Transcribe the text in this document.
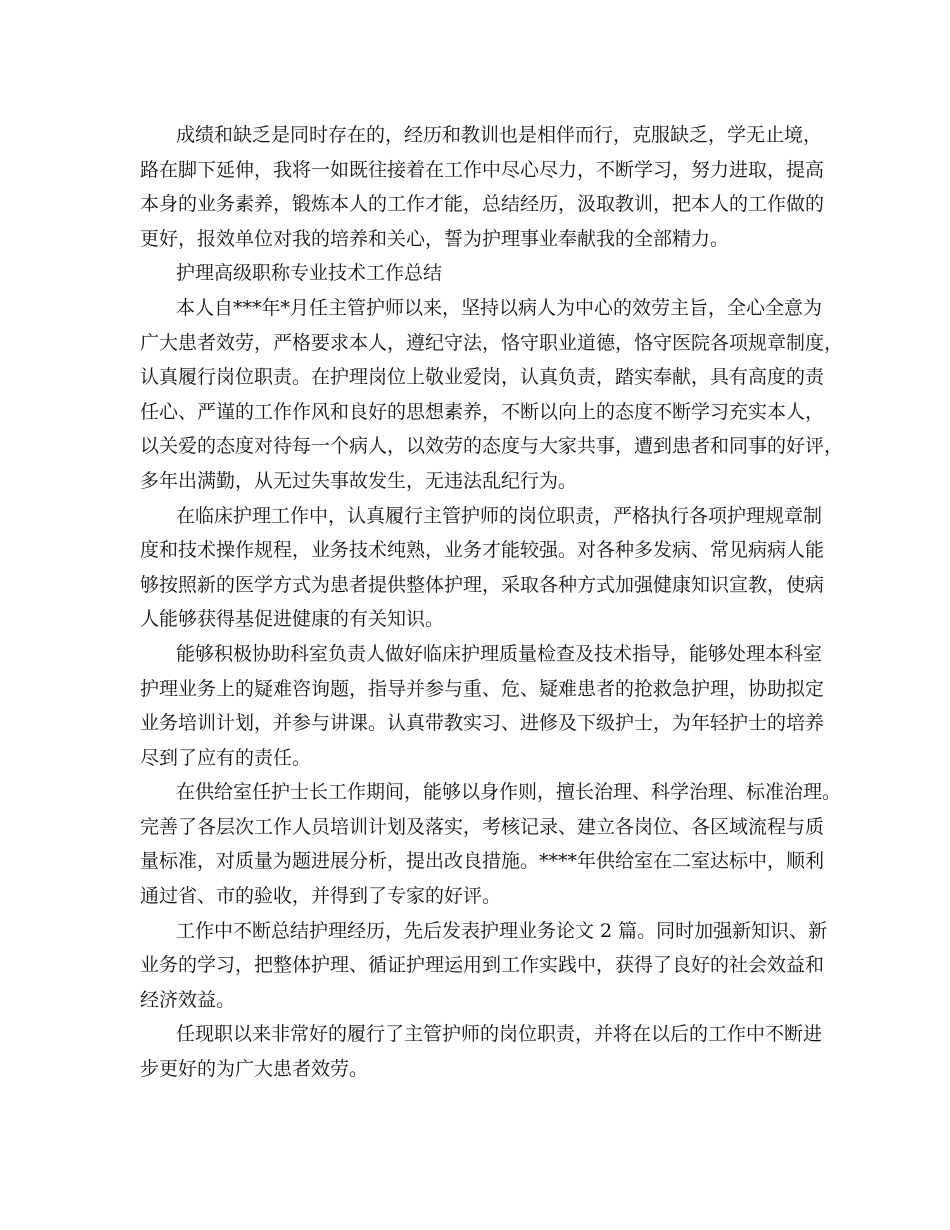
成绩和缺乏是同时存在的，经历和教训也是相伴而行，克服缺乏，学无止境，
路在脚下延伸，我将一如既往接着在工作中尽心尽力，不断学习，努力进取，提高
本身的业务素养，锻炼本人的工作才能，总结经历，汲取教训，把本人的工作做的
更好，报效单位对我的培养和关心，誓为护理事业奉献我的全部精力。
护理高级职称专业技术工作总结
本人自***年*月任主管护师以来，坚持以病人为中心的效劳主旨，全心全意为
广大患者效劳，严格要求本人，遵纪守法，恪守职业道德，恪守医院各项规章制度，
认真履行岗位职责。在护理岗位上敬业爱岗，认真负责，踏实奉献，具有高度的责
任心、严谨的工作作风和良好的思想素养，不断以向上的态度不断学习充实本人，
以关爱的态度对待每一个病人，以效劳的态度与大家共事，遭到患者和同事的好评，
多年出满勤，从无过失事故发生，无违法乱纪行为。
在临床护理工作中，认真履行主管护师的岗位职责，严格执行各项护理规章制
度和技术操作规程，业务技术纯熟，业务才能较强。对各种多发病、常见病病人能
够按照新的医学方式为患者提供整体护理，采取各种方式加强健康知识宣教，使病
人能够获得基促进健康的有关知识。
能够积极协助科室负责人做好临床护理质量检查及技术指导，能够处理本科室
护理业务上的疑难咨询题，指导并参与重、危、疑难患者的抢救急护理，协助拟定
业务培训计划，并参与讲课。认真带教实习、进修及下级护士，为年轻护士的培养
尽到了应有的责任。
在供给室任护士长工作期间，能够以身作则，擅长治理、科学治理、标准治理。
完善了各层次工作人员培训计划及落实，考核记录、建立各岗位、各区域流程与质
量标准，对质量为题进展分析，提出改良措施。****年供给室在二室达标中，顺利
通过省、市的验收，并得到了专家的好评。
工作中不断总结护理经历，先后发表护理业务论文 2 篇。同时加强新知识、新
业务的学习，把整体护理、循证护理运用到工作实践中，获得了良好的社会效益和
经济效益。
任现职以来非常好的履行了主管护师的岗位职责，并将在以后的工作中不断进
步更好的为广大患者效劳。
